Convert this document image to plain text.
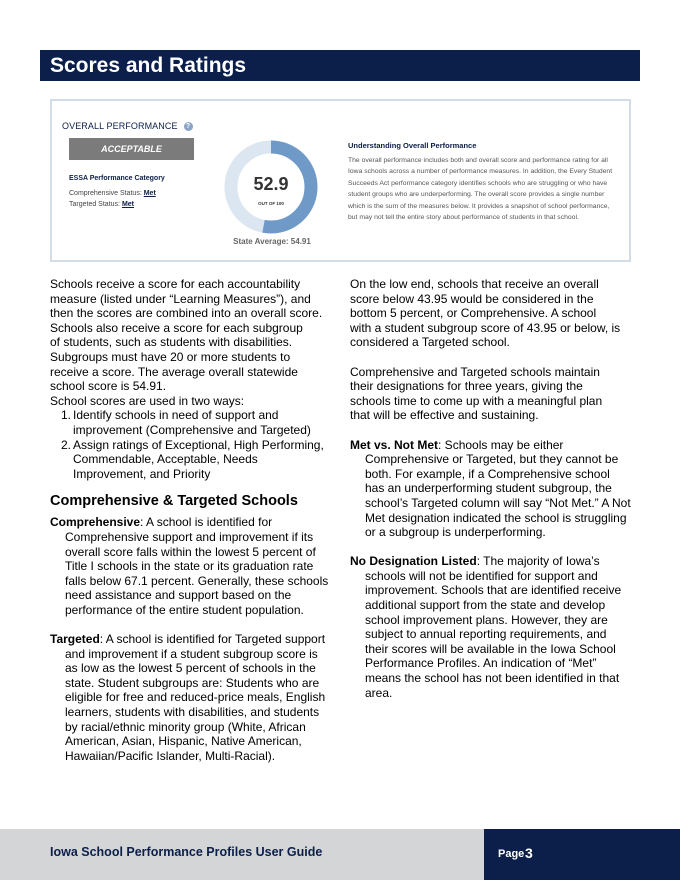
Scores and Ratings
OVERALL PERFORMANCE ?
ACCEPTABLE
ESSA Performance Category
Comprehensive Status: Met
Targeted Status: Met
52.9
OUT OF 100
State Average: 54.91
Understanding Overall Performance

The overall performance includes both and overall score and performance rating for all Iowa schools across a number of performance measures. In addition, the Every Student Succeeds Act performance category identifies schools who are struggling or who have student groups who are underperforming. The overall score provides a single number which is the sum of the measures below. It provides a snapshot of school performance, but may not tell the entire story about performance of students in that school.

Schools receive a score for each accountability
measure (listed under “Learning Measures”), and
then the scores are combined into an overall score.
Schools also receive a score for each subgroup
of students, such as students with disabilities.
Subgroups must have 20 or more students to
receive a score. The average overall statewide
school score is 54.91.

School scores are used in two ways:

1. Identify schools in need of support and improvement (Comprehensive and Targeted)
2. Assign ratings of Exceptional, High Performing, Commendable, Acceptable, Needs Improvement, and Priority

Comprehensive & Targeted Schools

Comprehensive: A school is identified for Comprehensive support and improvement if its overall score falls within the lowest 5 percent of Title I schools in the state or its graduation rate falls below 67.1 percent. Generally, these schools need assistance and support based on the performance of the entire student population.

Targeted: A school is identified for Targeted support and improvement if a student subgroup score is as low as the lowest 5 percent of schools in the state. Student subgroups are: Students who are eligible for free and reduced-price meals, English learners, students with disabilities, and students by racial/ethnic minority group (White, African American, Asian, Hispanic, Native American, Hawaiian/Pacific Islander, Multi-Racial).

On the low end, schools that receive an overall
score below 43.95 would be considered in the
bottom 5 percent, or Comprehensive. A school
with a student subgroup score of 43.95 or below, is
considered a Targeted school.
Comprehensive and Targeted schools maintain
their designations for three years, giving the
schools time to come up with a meaningful plan
that will be effective and sustaining.

Met vs. Not Met: Schools may be either Comprehensive or Targeted, but they cannot be both. For example, if a Comprehensive school has an underperforming student subgroup, the school’s Targeted column will say “Not Met.” A Not Met designation indicated the school is struggling or a subgroup is underperforming.

No Designation Listed: The majority of Iowa’s schools will not be identified for support and improvement. Schools that are identified receive additional support from the state and develop school improvement plans. However, they are subject to annual reporting requirements, and their scores will be available in the Iowa School Performance Profiles. An indication of “Met” means the school has not been identified in that area.

Iowa School Performance Profiles User Guide	Page 3
